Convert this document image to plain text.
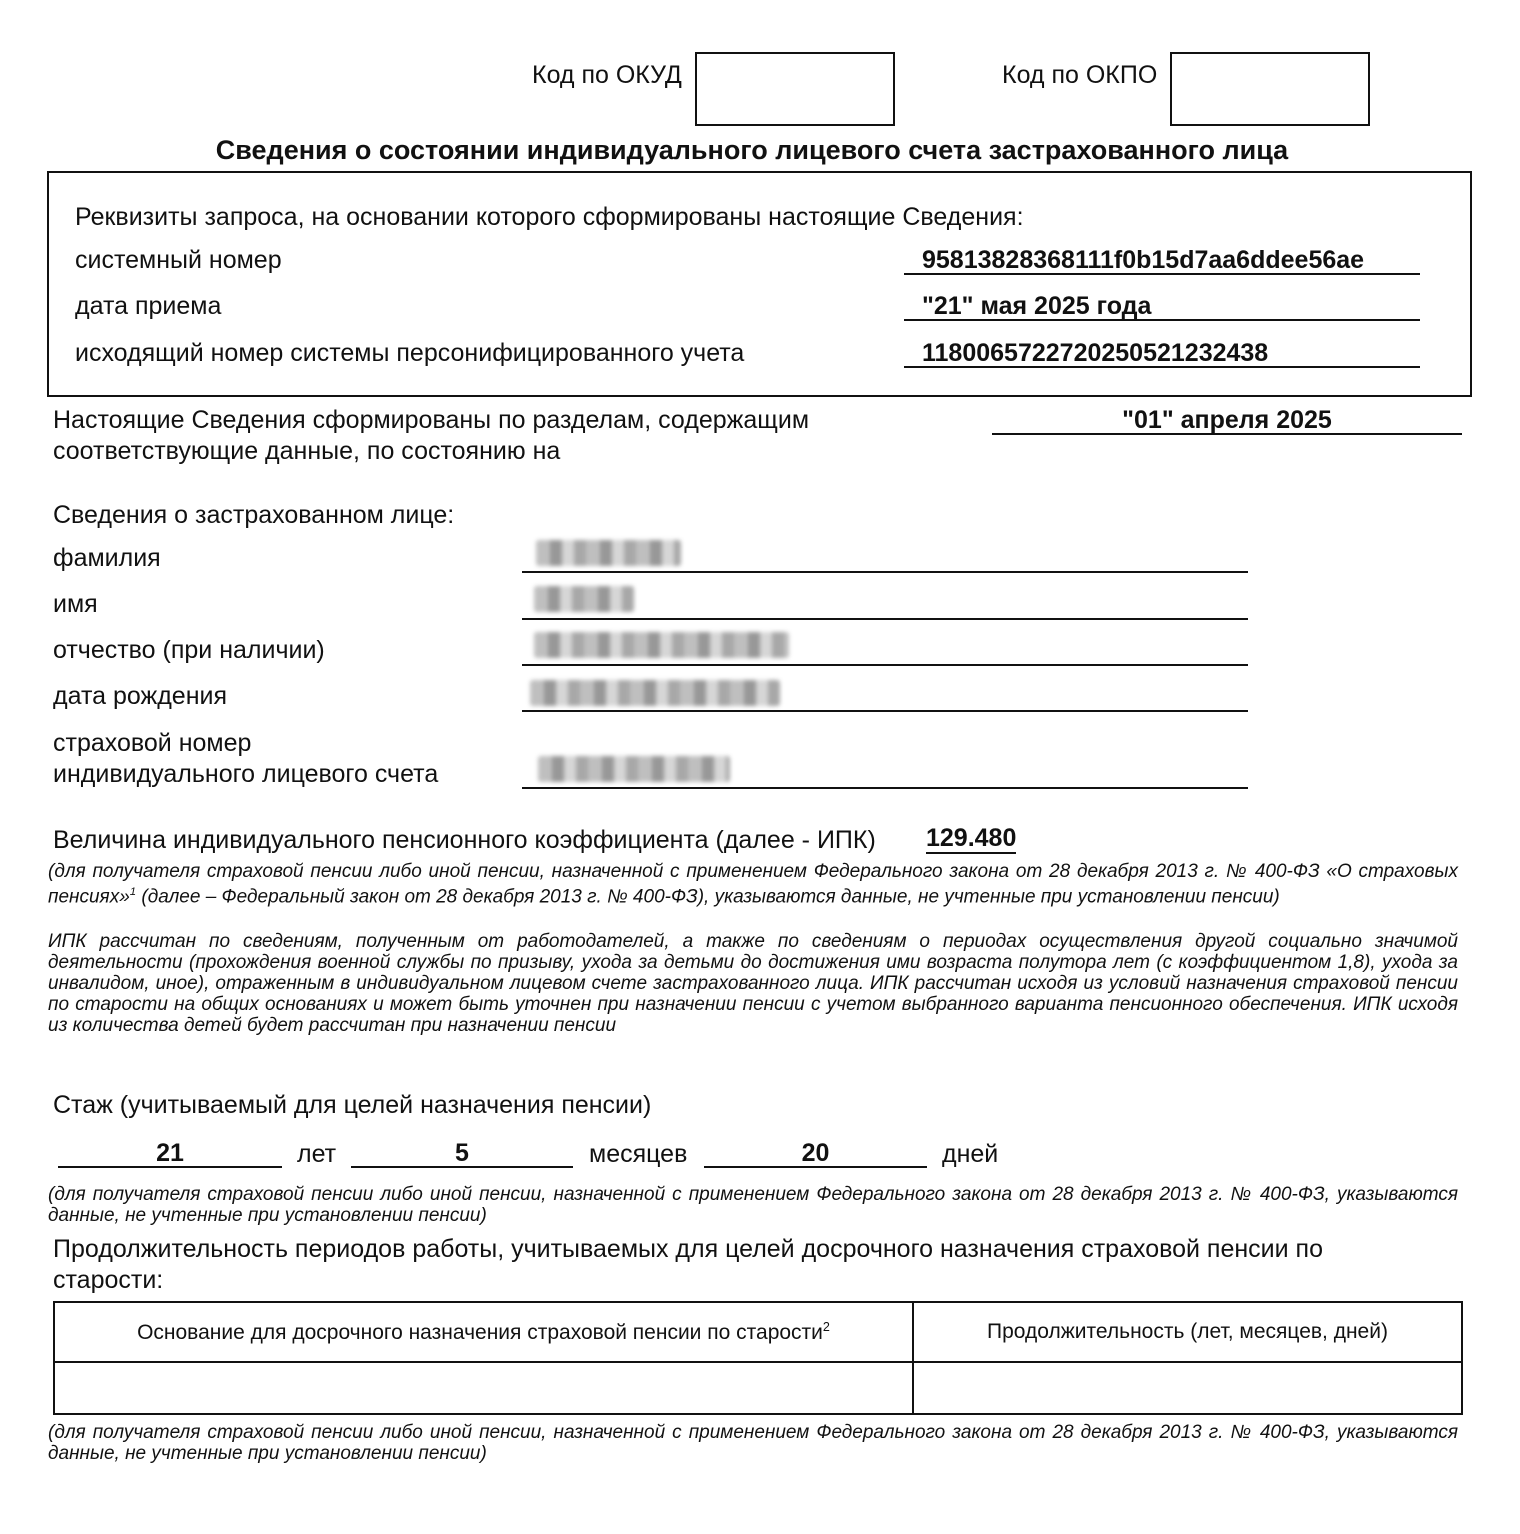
Код по ОКУД	Код по ОКПО
Сведения о состоянии индивидуального лицевого счета застрахованного лица
Реквизиты запроса, на основании которого сформированы настоящие Сведения:
системный номер	95813828368111f0b15d7aa6ddee56ae
дата приема	"21" мая 2025 года
исходящий номер системы персонифицированного учета	118006572272025052123243​8
Настоящие Сведения сформированы по разделам, содержащим
соответствующие данные, по состоянию на
"01" апреля 2025
Сведения о застрахованном лице:
фамилия
имя
отчество (при наличии)
дата рождения
страховой номер
индивидуального лицевого счета
Величина индивидуального пенсионного коэффициента (далее - ИПК) 129.480
(для получателя страховой пенсии либо иной пенсии, назначенной с применением Федерального закона от 28 декабря 2013 г. № 400-ФЗ «О страховых пенсиях»$^1$ (далее – Федеральный закон от 28 декабря 2013 г. № 400-ФЗ), указываются данные, не учтенные при установлении пенсии)
ИПК рассчитан по сведениям, полученным от работодателей, а также по сведениям о периодах осуществления другой социально значимой деятельности (прохождения военной службы по призыву, ухода за детьми до достижения ими возраста полутора лет (с коэффициентом 1,8), ухода за инвалидом, иное), отраженным в индивидуальном лицевом счете застрахованного лица. ИПК рассчитан исходя из условий назначения страховой пенсии по старости на общих основаниях и может быть уточнен при назначении пенсии с учетом выбранного варианта пенсионного обеспечения. ИПК исходя из количества детей будет рассчитан при назначении пенсии
Стаж (учитываемый для целей назначения пенсии)
21	лет	5	месяцев	20	дней
(для получателя страховой пенсии либо иной пенсии, назначенной с применением Федерального закона от 28 декабря 2013 г. № 400-ФЗ, указываются данные, не учтенные при установлении пенсии)
Продолжительность периодов работы, учитываемых для целей досрочного назначения страховой пенсии по
старости:
Основание для досрочного назначения страховой пенсии по старости$^2$	Продолжительность (лет, месяцев, дней)

(для получателя страховой пенсии либо иной пенсии, назначенной с применением Федерального закона от 28 декабря 2013 г. № 400-ФЗ, указываются данные, не учтенные при установлении пенсии)
